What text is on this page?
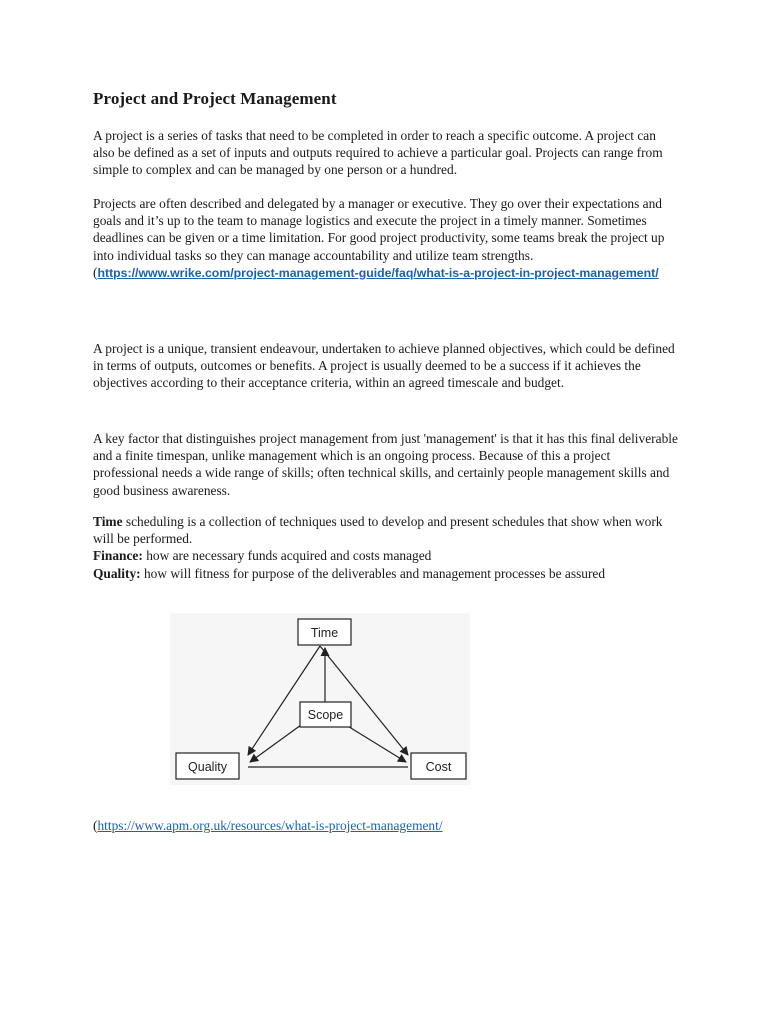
Project and Project Management
A project is a series of tasks that need to be completed in order to reach a specific outcome. A project can also be defined as a set of inputs and outputs required to achieve a particular goal. Projects can range from simple to complex and can be managed by one person or a hundred.
Projects are often described and delegated by a manager or executive. They go over their expectations and goals and it’s up to the team to manage logistics and execute the project in a timely manner. Sometimes deadlines can be given or a time limitation. For good project productivity, some teams break the project up into individual tasks so they can manage accountability and utilize team strengths. (https://www.wrike.com/project-management-guide/faq/what-is-a-project-in-project-management/
A project is a unique, transient endeavour, undertaken to achieve planned objectives, which could be defined in terms of outputs, outcomes or benefits. A project is usually deemed to be a success if it achieves the objectives according to their acceptance criteria, within an agreed timescale and budget.
A key factor that distinguishes project management from just 'management' is that it has this final deliverable and a finite timespan, unlike management which is an ongoing process. Because of this a project professional needs a wide range of skills; often technical skills, and certainly people management skills and good business awareness.
Time scheduling is a collection of techniques used to develop and present schedules that show when work will be performed.
Finance: how are necessary funds acquired and costs managed
Quality: how will fitness for purpose of the deliverables and management processes be assured
Time
Scope
Quality	Cost
(https://www.apm.org.uk/resources/what-is-project-management/
